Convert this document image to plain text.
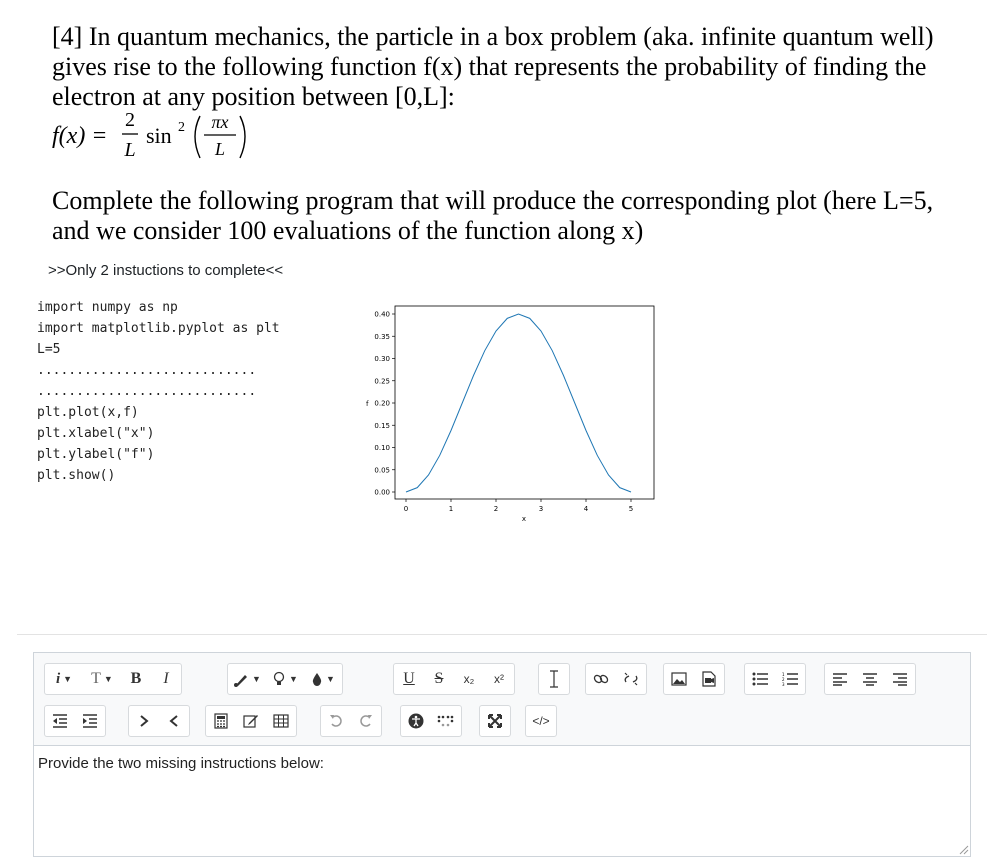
[4] In quantum mechanics, the particle in a box problem (aka. infinite quantum well)

gives rise to the following function f(x) that represents the probability of finding the

electron at any position between [0,L]:

f(x) =
2
L
sin 2 πx
L

Complete the following program that will produce the corresponding plot (here L=5,

and we consider 100 evaluations of the function along x)

>>Only 2 instuctions to complete<<
import numpy as np
import matplotlib.pyplot as plt
L=5
............................
............................
plt.plot(x,f)
plt.xlabel("x")
plt.ylabel("f")
plt.show()
0.00
0.05
0.10
0.15
0.20
0.25
0.30
0.35
0.40
0	1	2	3	4	5
f
x
i ▼ T ▼ B I	▼	▼	▼	U S x₂ x²	1
2
3
</>

Provide the two missing instructions below:
